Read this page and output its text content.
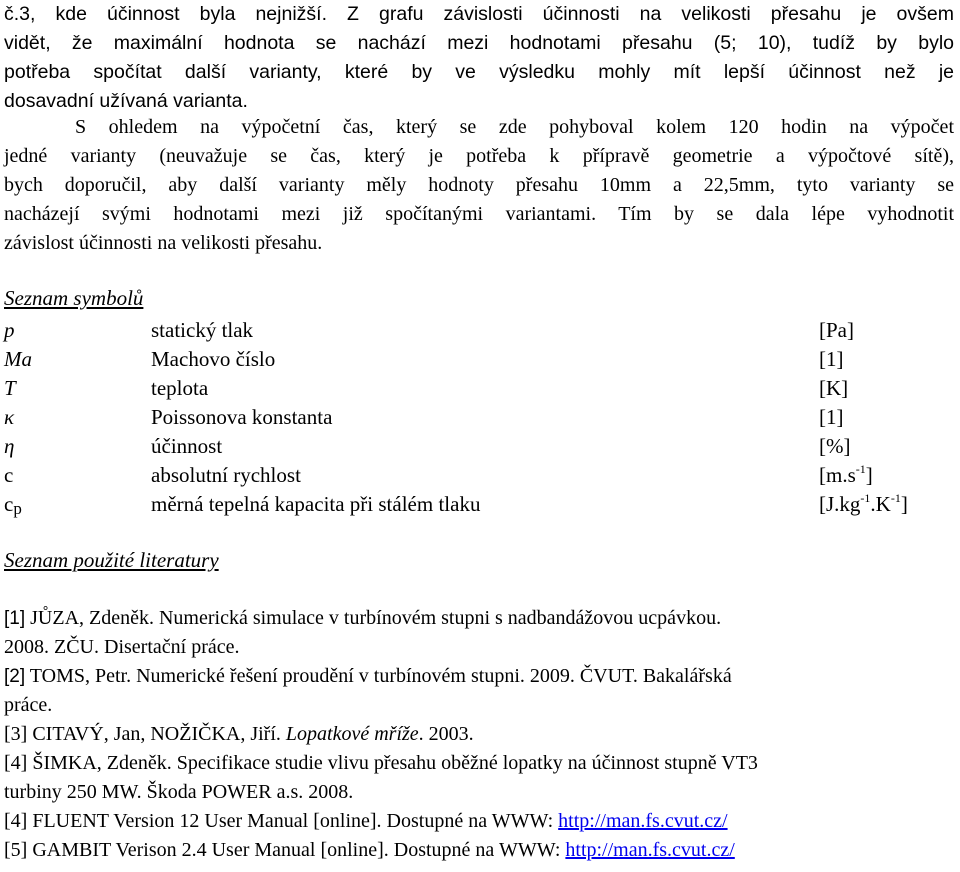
č.3, kde účinnost byla nejnižší. Z grafu závislosti účinnosti na velikosti přesahu je ovšem
vidět, že maximální hodnota se nachází mezi hodnotami přesahu (5; 10), tudíž by bylo
potřeba spočítat další varianty, které by ve výsledku mohly mít lepší účinnost než je
dosavadní užívaná varianta.
S ohledem na výpočetní čas, který se zde pohyboval kolem 120 hodin na výpočet
jedné varianty (neuvažuje se čas, který je potřeba k přípravě geometrie a výpočtové sítě),
bych doporučil, aby další varianty měly hodnoty přesahu 10mm a 22,5mm, tyto varianty se
nacházejí svými hodnotami mezi již spočítanými variantami. Tím by se dala lépe vyhodnotit
závislost účinnosti na velikosti přesahu.
Seznam symbolů
p	statický tlak	[Pa]
Ma	Machovo číslo	[1]
T	teplota	[K]
κ	Poissonova konstanta	[1]
η	účinnost	[%]
c	absolutní rychlost	$[m.s^{-1}]$
cp	měrná tepelná kapacita při stálém tlaku	$[J.kg^{-1}.K^{-1}]$
Seznam použité literatury
[1] JŮZA, Zdeněk. Numerická simulace v turbínovém stupni s nadbandážovou ucpávkou.
2008. ZČU. Disertační práce.
[2] TOMS, Petr. Numerické řešení proudění v turbínovém stupni. 2009. ČVUT. Bakalářská
práce.
[3] CITAVÝ, Jan, NOŽIČKA, Jiří. Lopatkové mříže. 2003.
[4] ŠIMKA, Zdeněk. Specifikace studie vlivu přesahu oběžné lopatky na účinnost stupně VT3
turbiny 250 MW. Škoda POWER a.s. 2008.
[4] FLUENT Version 12 User Manual [online]. Dostupné na WWW: http://man.fs.cvut.cz/
[5] GAMBIT Verison 2.4 User Manual [online]. Dostupné na WWW: http://man.fs.cvut.cz/
